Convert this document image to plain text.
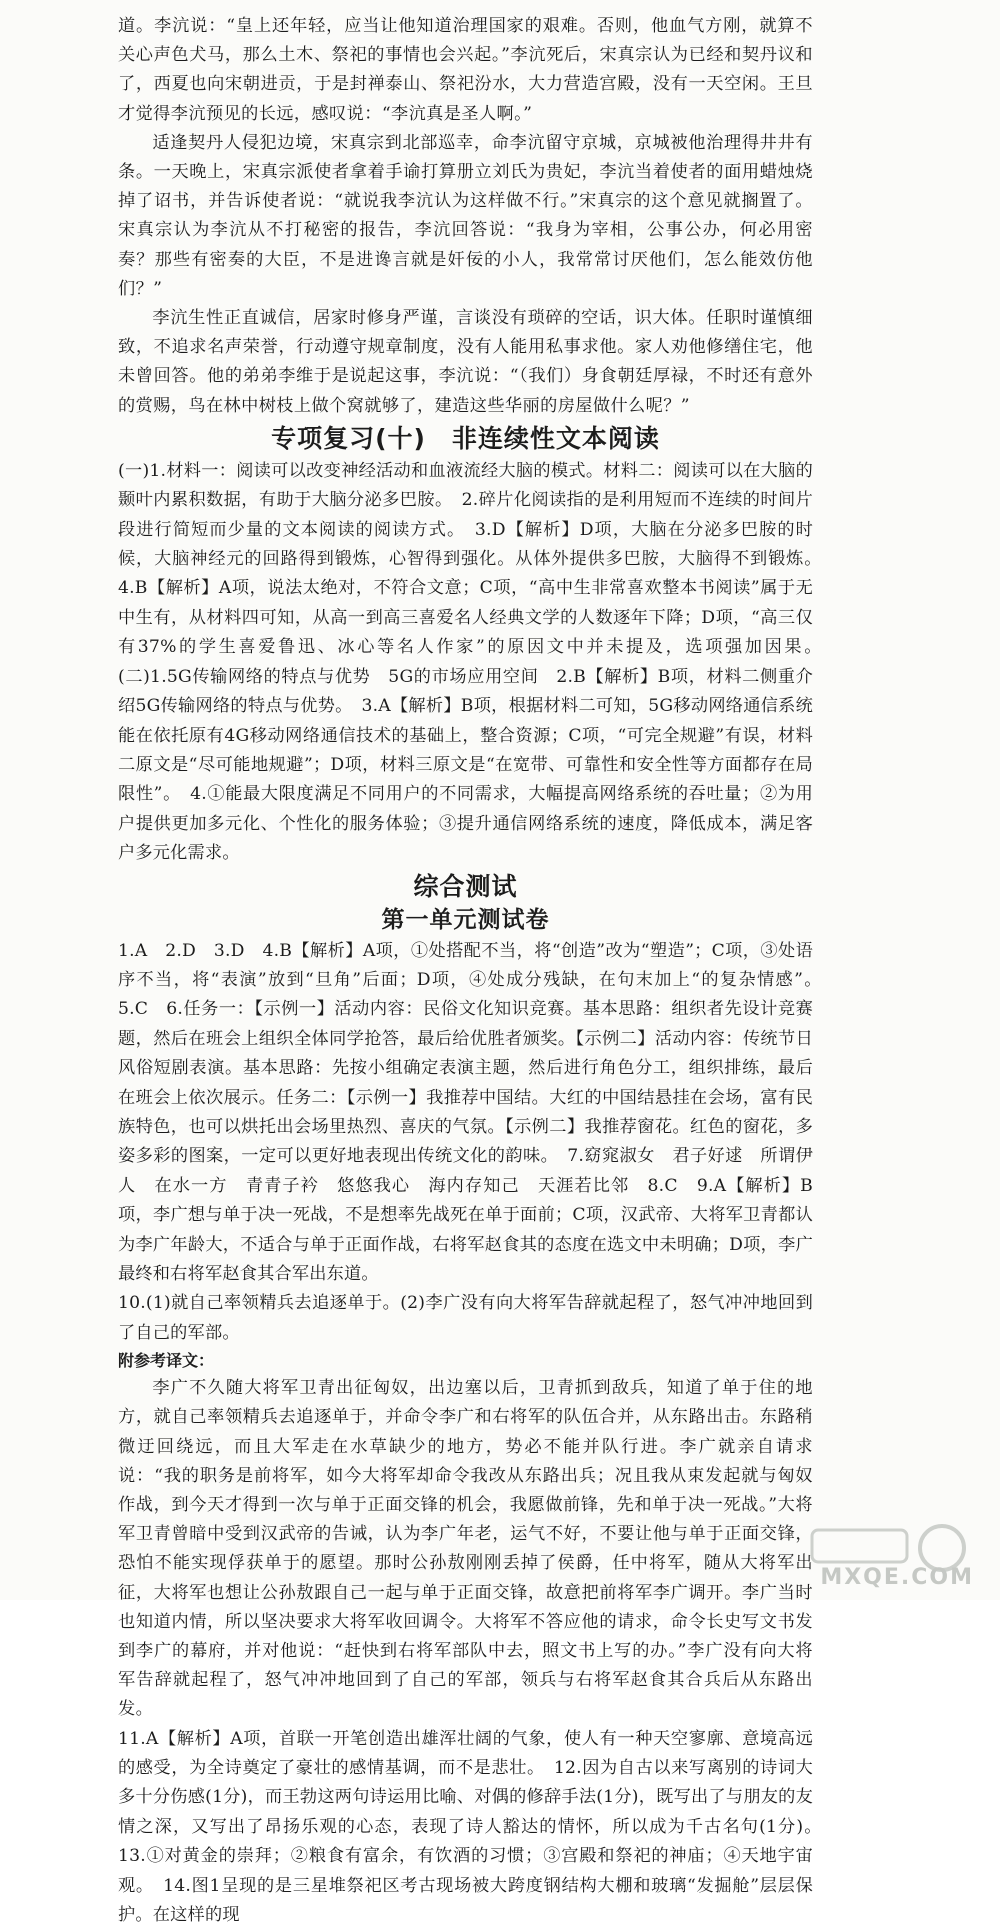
道。李沆说：“皇上还年轻，应当让他知道治理国家的艰难。否则，他血气方刚，就算不关心声色犬马，那么土木、祭祀的事情也会兴起。”李沆死后，宋真宗认为已经和契丹议和了，西夏也向宋朝进贡，于是封禅泰山、祭祀汾水，大力营造宫殿，没有一天空闲。王旦才觉得李沆预见的长远，感叹说：“李沆真是圣人啊。”

适逢契丹人侵犯边境，宋真宗到北部巡幸，命李沆留守京城，京城被他治理得井井有条。一天晚上，宋真宗派使者拿着手谕打算册立刘氏为贵妃，李沆当着使者的面用蜡烛烧掉了诏书，并告诉使者说：“就说我李沆认为这样做不行。”宋真宗的这个意见就搁置了。宋真宗认为李沆从不打秘密的报告，李沆回答说：“我身为宰相，公事公办，何必用密奏？那些有密奏的大臣，不是进谗言就是奸佞的小人，我常常讨厌他们，怎么能效仿他们？”

李沆生性正直诚信，居家时修身严谨，言谈没有琐碎的空话，识大体。任职时谨慎细致，不追求名声荣誉，行动遵守规章制度，没有人能用私事求他。家人劝他修缮住宅，他未曾回答。他的弟弟李维于是说起这事，李沆说：“（我们）身食朝廷厚禄，不时还有意外的赏赐，鸟在林中树枝上做个窝就够了，建造这些华丽的房屋做什么呢？”

专项复习(十)　非连续性文本阅读

(一)1.材料一：阅读可以改变神经活动和血液流经大脑的模式。材料二：阅读可以在大脑的颞叶内累积数据，有助于大脑分泌多巴胺。　2.碎片化阅读指的是利用短而不连续的时间片段进行简短而少量的文本阅读的阅读方式。　3.D【解析】D项，大脑在分泌多巴胺的时候，大脑神经元的回路得到锻炼，心智得到强化。从体外提供多巴胺，大脑得不到锻炼。　4.B【解析】A项，说法太绝对，不符合文意；C项，“高中生非常喜欢整本书阅读”属于无中生有，从材料四可知，从高一到高三喜爱名人经典文学的人数逐年下降；D项，“高三仅有37%的学生喜爱鲁迅、冰心等名人作家”的原因文中并未提及，选项强加因果。　(二)1.5G传输网络的特点与优势　5G的市场应用空间　2.B【解析】B项，材料二侧重介绍5G传输网络的特点与优势。　3.A【解析】B项，根据材料二可知，5G移动网络通信系统能在依托原有4G移动网络通信技术的基础上，整合资源；C项，“可完全规避”有误，材料二原文是“尽可能地规避”；D项，材料三原文是“在宽带、可靠性和安全性等方面都存在局限性”。　4.①能最大限度满足不同用户的不同需求，大幅提高网络系统的吞吐量；②为用户提供更加多元化、个性化的服务体验；③提升通信网络系统的速度，降低成本，满足客户多元化需求。

综合测试
第一单元测试卷

1.A　2.D　3.D　4.B【解析】A项，①处搭配不当，将“创造”改为“塑造”；C项，③处语序不当，将“表演”放到“旦角”后面；D项，④处成分残缺，在句末加上“的复杂情感”。　5.C　6.任务一：【示例一】活动内容：民俗文化知识竞赛。基本思路：组织者先设计竞赛题，然后在班会上组织全体同学抢答，最后给优胜者颁奖。【示例二】活动内容：传统节日风俗短剧表演。基本思路：先按小组确定表演主题，然后进行角色分工，组织排练，最后在班会上依次展示。任务二：【示例一】我推荐中国结。大红的中国结悬挂在会场，富有民族特色，也可以烘托出会场里热烈、喜庆的气氛。【示例二】我推荐窗花。红色的窗花，多姿多彩的图案，一定可以更好地表现出传统文化的韵味。　7.窈窕淑女　君子好逑　所谓伊人　在水一方　青青子衿　悠悠我心　海内存知己　天涯若比邻　8.C　9.A【解析】B项，李广想与单于决一死战，不是想率先战死在单于面前；C项，汉武帝、大将军卫青都认为李广年龄大，不适合与单于正面作战，右将军赵食其的态度在选文中未明确；D项，李广最终和右将军赵食其合军出东道。

10.(1)就自己率领精兵去追逐单于。(2)李广没有向大将军告辞就起程了，怒气冲冲地回到了自己的军部。

附参考译文：

李广不久随大将军卫青出征匈奴，出边塞以后，卫青抓到敌兵，知道了单于住的地方，就自己率领精兵去追逐单于，并命令李广和右将军的队伍合并，从东路出击。东路稍微迂回绕远，而且大军走在水草缺少的地方，势必不能并队行进。李广就亲自请求说：“我的职务是前将军，如今大将军却命令我改从东路出兵；况且我从束发起就与匈奴作战，到今天才得到一次与单于正面交锋的机会，我愿做前锋，先和单于决一死战。”大将军卫青曾暗中受到汉武帝的告诫，认为李广年老，运气不好，不要让他与单于正面交锋，恐怕不能实现俘获单于的愿望。那时公孙敖刚刚丢掉了侯爵，任中将军，随从大将军出征，大将军也想让公孙敖跟自己一起与单于正面交锋，故意把前将军李广调开。李广当时也知道内情，所以坚决要求大将军收回调令。大将军不答应他的请求，命令长史写文书发到李广的幕府，并对他说：“赶快到右将军部队中去，照文书上写的办。”李广没有向大将军告辞就起程了，怒气冲冲地回到了自己的军部，领兵与右将军赵食其合兵后从东路出发。

11.A【解析】A项，首联一开笔创造出雄浑壮阔的气象，使人有一种天空寥廓、意境高远的感受，为全诗奠定了豪壮的感情基调，而不是悲壮。　12.因为自古以来写离别的诗词大多十分伤感(1分)，而王勃这两句诗运用比喻、对偶的修辞手法(1分)，既写出了与朋友的友情之深，又写出了昂扬乐观的心态，表现了诗人豁达的情怀，所以成为千古名句(1分)。　13.①对黄金的崇拜；②粮食有富余，有饮酒的习惯；③宫殿和祭祀的神庙；④天地宇宙观。　14.图1呈现的是三星堆祭祀区考古现场被大跨度钢结构大棚和玻璃“发掘舱”层层保护。在这样的现

MXQE.COM
